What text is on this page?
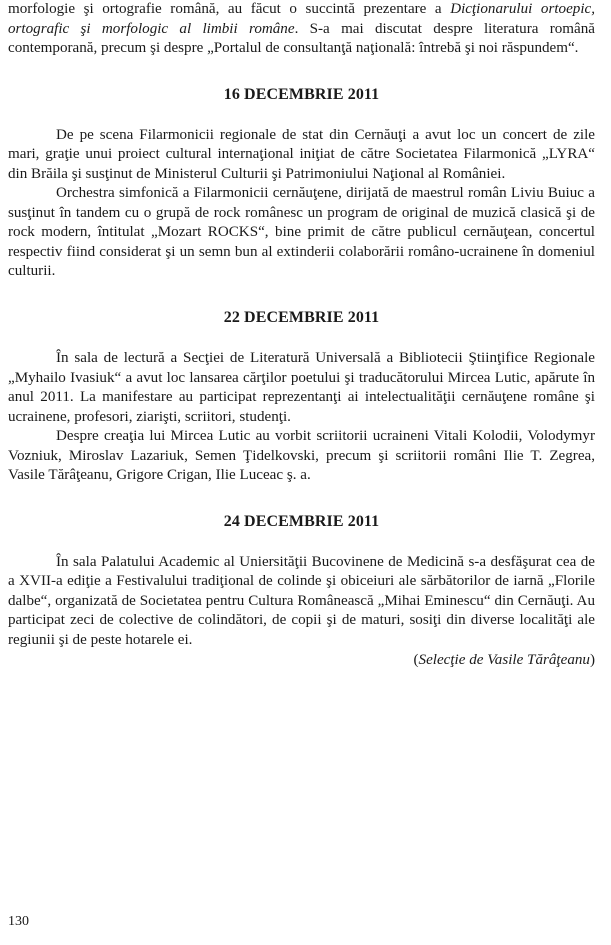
morfologie şi ortografie română, au făcut o succintă prezentare a Dicţionarului ortoepic, ortografic şi morfologic al limbii române. S-a mai discutat despre literatura română contemporană, precum şi despre „Portalul de consultanţă naţională: întrebă şi noi răspundem“.

16 DECEMBRIE 2011

De pe scena Filarmonicii regionale de stat din Cernăuţi a avut loc un concert de zile mari, graţie unui proiect cultural internaţional iniţiat de către Societatea Filarmonică „LYRA“ din Brăila şi susţinut de Ministerul Culturii şi Patrimoniului Naţional al României.

Orchestra simfonică a Filarmonicii cernăuţene, dirijată de maestrul român Liviu Buiuc a susţinut în tandem cu o grupă de rock românesc un program de original de muzică clasică şi de rock modern, întitulat „Mozart ROCKS“, bine primit de către publicul cernăuţean, concertul respectiv fiind considerat şi un semn bun al extinderii colaborării româno-ucrainene în domeniul culturii.

22 DECEMBRIE 2011

În sala de lectură a Secţiei de Literatură Universală a Bibliotecii Ştiinţifice Regionale „Myhailo Ivasiuk“ a avut loc lansarea cărţilor poetului şi traducătorului Mircea Lutic, apărute în anul 2011. La manifestare au participat reprezentanţi ai intelectualităţii cernăuţene române şi ucrainene, profesori, ziarişti, scriitori, studenţi.

Despre creaţia lui Mircea Lutic au vorbit scriitorii ucraineni Vitali Kolodii, Volodymyr Vozniuk, Miroslav Lazariuk, Semen Ţidelkovski, precum şi scriitorii români Ilie T. Zegrea, Vasile Tărâţeanu, Grigore Crigan, Ilie Luceac ş. a.

24 DECEMBRIE 2011

În sala Palatului Academic al Uniersităţii Bucovinene de Medicină s-a desfăşurat cea de a XVII-a ediţie a Festivalului tradiţional de colinde şi obiceiuri ale sărbătorilor de iarnă „Florile dalbe“, organizată de Societatea pentru Cultura Românească „Mihai Eminescu“ din Cernăuţi. Au participat zeci de colective de colindători, de copii şi de maturi, sosiţi din diverse localităţi ale regiunii şi de peste hotarele ei.

(Selecţie de Vasile Tărâţeanu)

130
